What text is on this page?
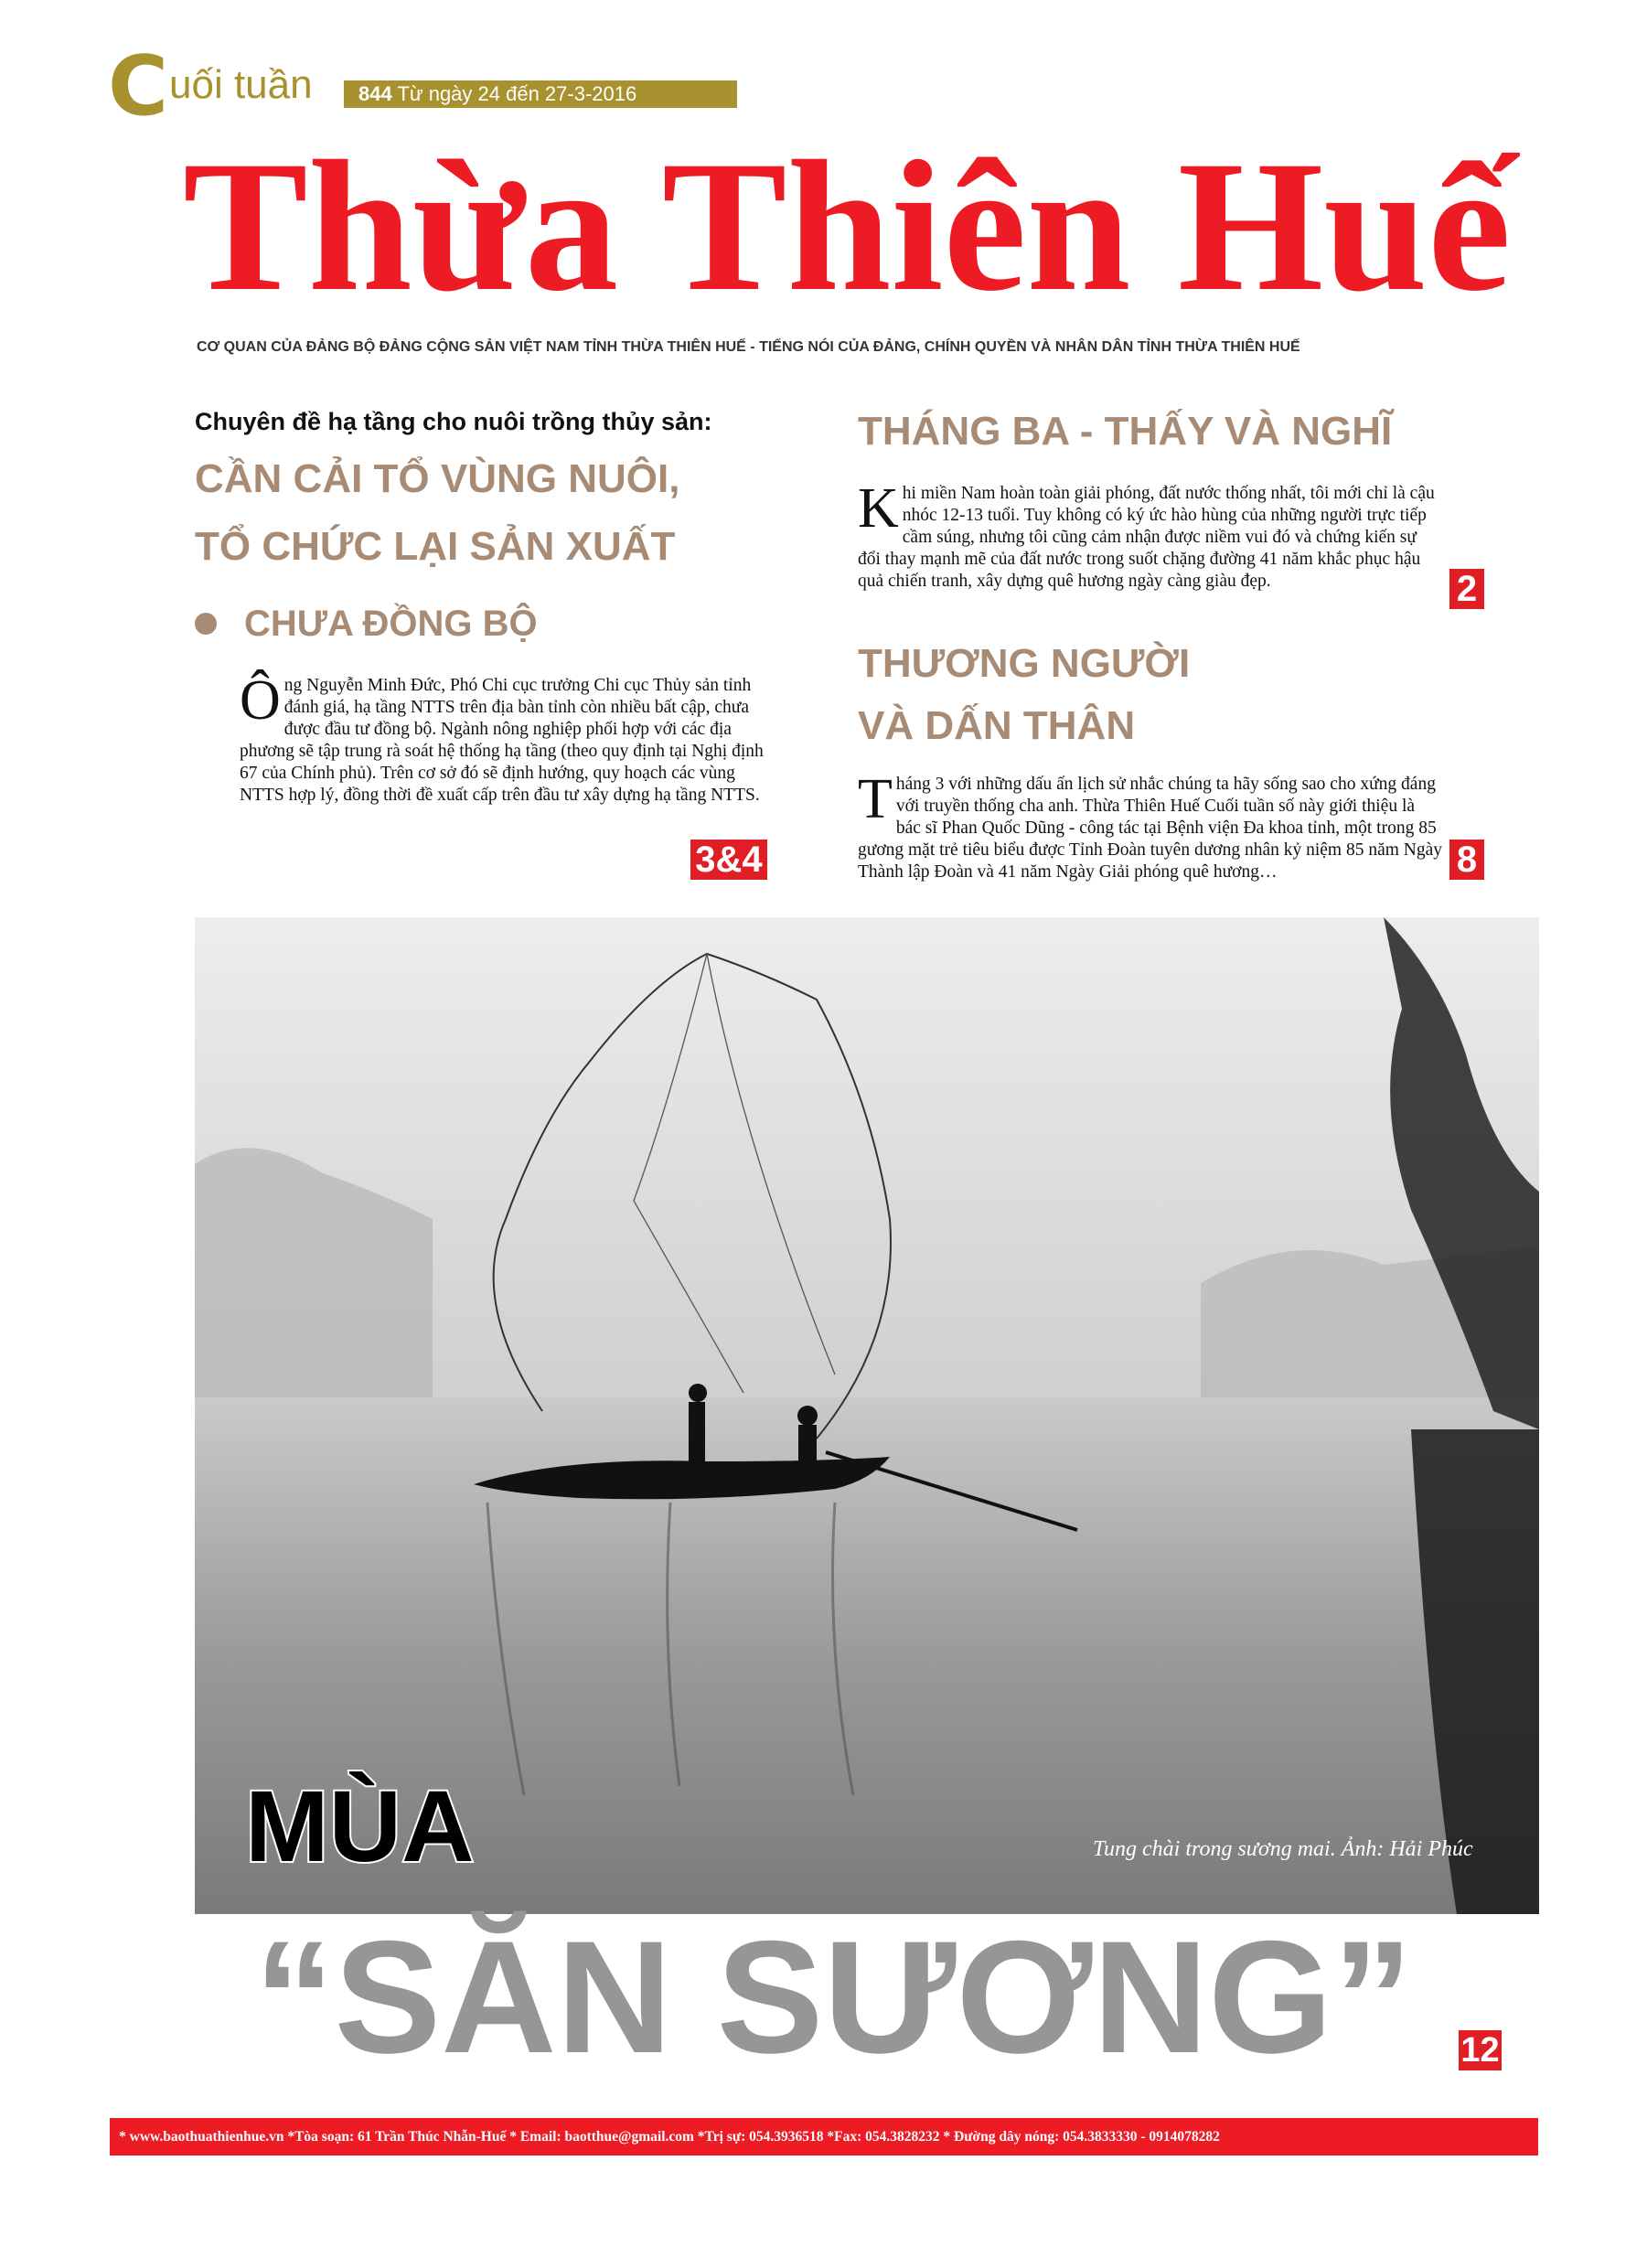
C uối tuần	844 Từ ngày 24 đến 27-3-2016
Thừa Thiên Huế
CƠ QUAN CỦA ĐẢNG BỘ ĐẢNG CỘNG SẢN VIỆT NAM TỈNH THỪA THIÊN HUẾ - TIẾNG NÓI CỦA ĐẢNG, CHÍNH QUYỀN VÀ NHÂN DÂN TỈNH THỪA THIÊN HUẾ
Chuyên đề hạ tầng cho nuôi trồng thủy sản:
CẦN CẢI TỔ VÙNG NUÔI,
TỔ CHỨC LẠI SẢN XUẤT
CHƯA ĐỒNG BỘ
Ông Nguyễn Minh Đức, Phó Chi cục trưởng Chi cục Thủy sản tỉnh đánh giá, hạ tầng NTTS trên địa bàn tỉnh còn nhiều bất cập, chưa được đầu tư đồng bộ. Ngành nông nghiệp phối hợp với các địa phương sẽ tập trung rà soát hệ thống hạ tầng (theo quy định tại Nghị định 67 của Chính phủ). Trên cơ sở đó sẽ định hướng, quy hoạch các vùng NTTS hợp lý, đồng thời đề xuất cấp trên đầu tư xây dựng hạ tầng NTTS.
3&4
THÁNG BA - THẤY VÀ NGHĨ
Khi miền Nam hoàn toàn giải phóng, đất nước thống nhất, tôi mới chỉ là cậu nhóc 12-13 tuổi. Tuy không có ký ức hào hùng của những người trực tiếp cầm súng, nhưng tôi cũng cảm nhận được niềm vui đó và chứng kiến sự đổi thay mạnh mẽ của đất nước trong suốt chặng đường 41 năm khắc phục hậu quả chiến tranh, xây dựng quê hương ngày càng giàu đẹp.	2
THƯƠNG NGƯỜI
VÀ DẤN THÂN
Tháng 3 với những dấu ấn lịch sử nhắc chúng ta hãy sống sao cho xứng đáng với truyền thống cha anh. Thừa Thiên Huế Cuối tuần số này giới thiệu là bác sĩ Phan Quốc Dũng - công tác tại Bệnh viện Đa khoa tỉnh, một trong 85 gương mặt trẻ tiêu biểu được Tỉnh Đoàn tuyên dương nhân kỷ niệm 85 năm Ngày Thành lập Đoàn và 41 năm Ngày Giải phóng quê hương…	8
MÙA	Tung chài trong sương mai. Ảnh: Hải Phúc
“SĂN SƯƠNG” 12
* www.baothuathienhue.vn *Tòa soạn: 61 Trần Thúc Nhẫn-Huế * Email: baotthue@gmail.com *Trị sự: 054.3936518 *Fax: 054.3828232 * Đường dây nóng: 054.3833330 - 0914078282
